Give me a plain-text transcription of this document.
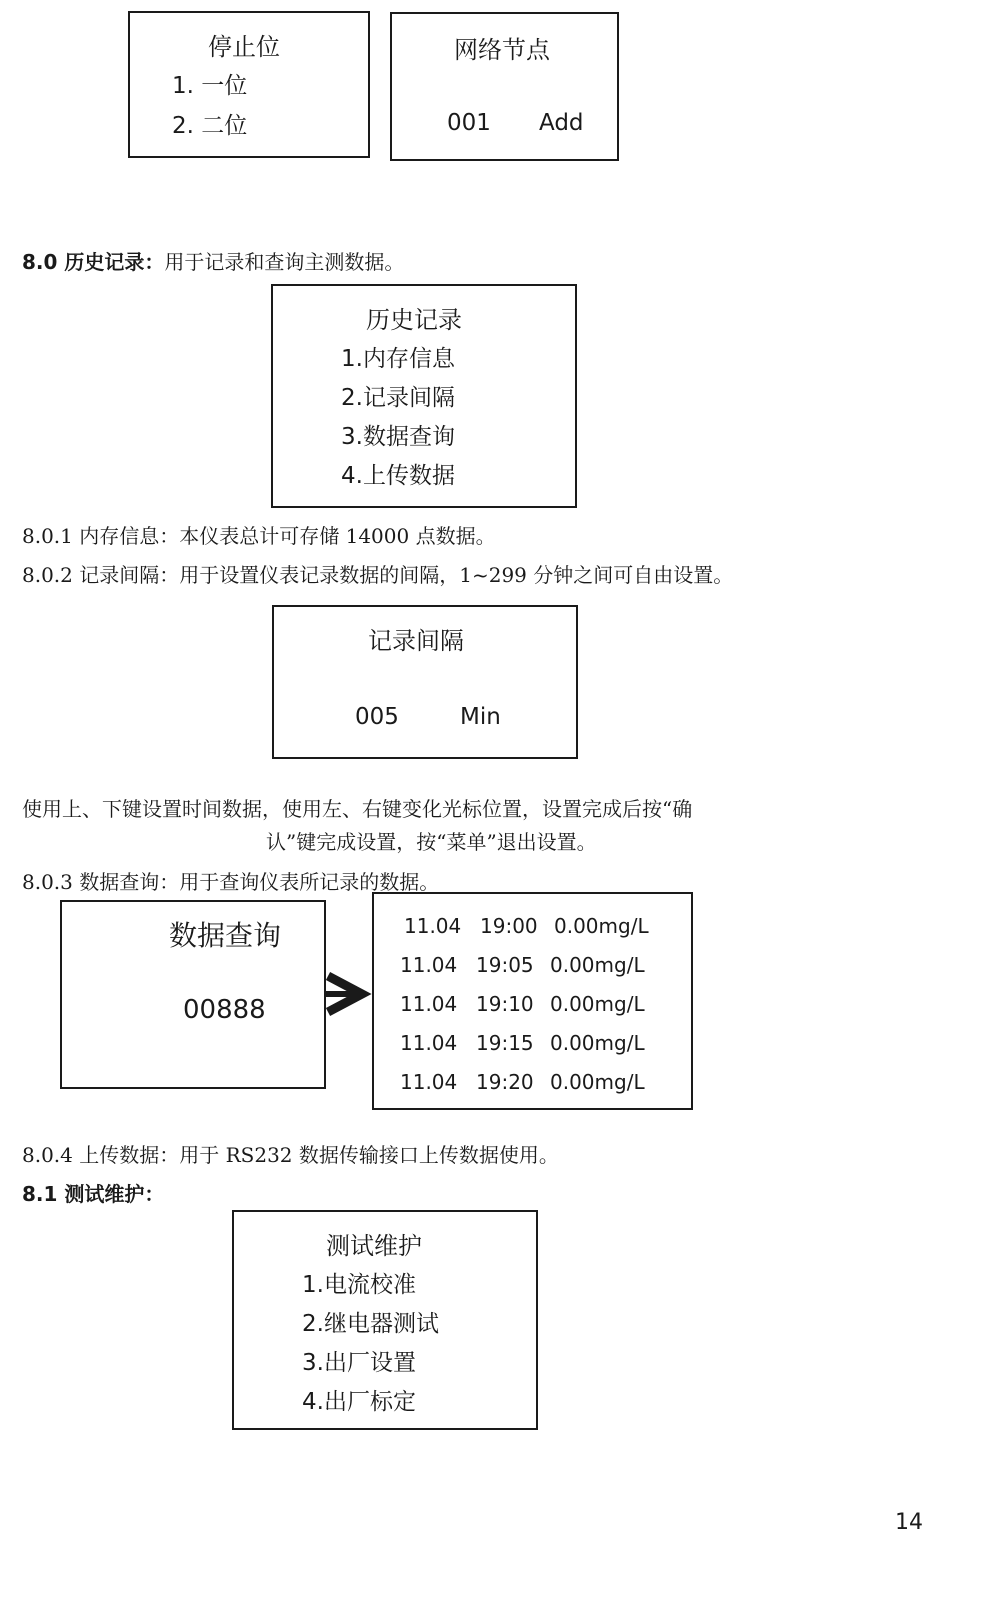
停止位
1. 一位
2. 二位
网络节点
001 Add
8.0 历史记录：用于记录和查询主测数据。
历史记录
1.内存信息
2.记录间隔
3.数据查询
4.上传数据
8.0.1 内存信息：本仪表总计可存储 14000 点数据。
8.0.2 记录间隔：用于设置仪表记录数据的间隔，1~299 分钟之间可自由设置。
记录间隔
005	Min
使用上、下键设置时间数据，使用左、右键变化光标位置，设置完成后按“确
认”键完成设置，按“菜单”退出设置。
8.0.3 数据查询：用于查询仪表所记录的数据。
数据查询
00888
11.04 19:00 0.00mg/L
11.04 19:05 0.00mg/L
11.04 19:10 0.00mg/L
11.04 19:15 0.00mg/L
11.04 19:20 0.00mg/L
8.0.4 上传数据：用于 RS232 数据传输接口上传数据使用。
8.1 测试维护：
测试维护
1.电流校准
2.继电器测试
3.出厂设置
4.出厂标定
14
